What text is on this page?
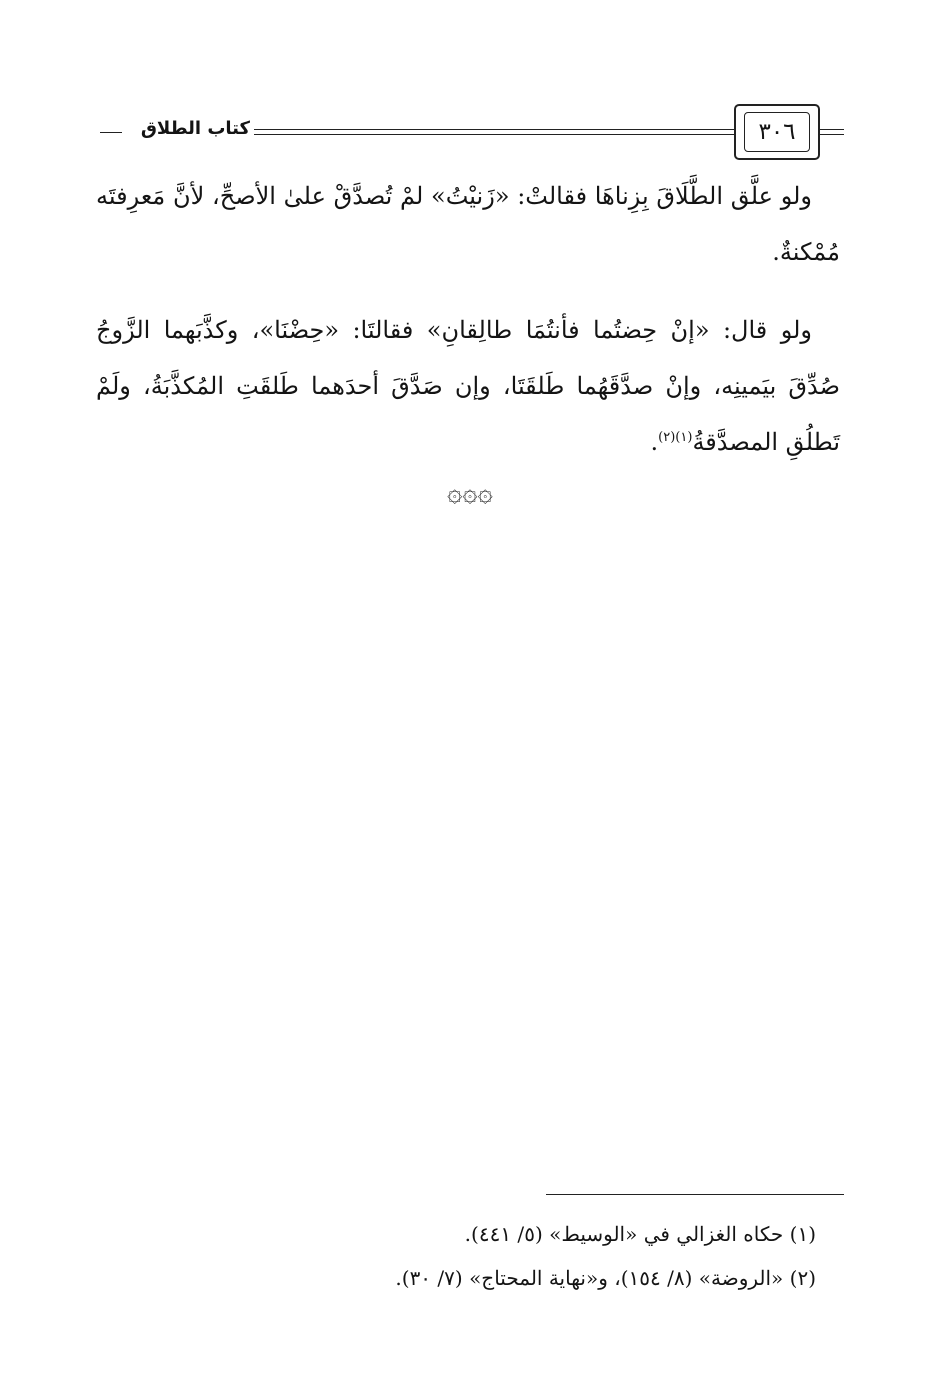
كتاب الطلاق	٣٠٦

ولو علَّق الطَّلَاقَ بِزِناهَا فقالتْ: «زَنيْتُ» لمْ تُصدَّقْ علىٰ الأصحِّ، لأنَّ مَعرِفتَه مُمْكنةٌ.

ولو قال: «إنْ حِضتُما فأنتُمَا طالِقانِ» فقالتَا: «حِضْنَا»، وكذَّبَهما الزَّوجُ صُدِّقَ بيَمينِه، وإنْ صدَّقَهُما طَلقَتَا، وإن صَدَّقَ أحدَهما طَلقَتِ المُكذَّبَةُ، ولَمْ تَطلُقِ المصدَّقةُ$^{(١)(٢)}$.

۞۞۞

(١) حكاه الغزالي في «الوسيط» (٥/ ٤٤١).

(٢) «الروضة» (٨/ ١٥٤)، و«نهاية المحتاج» (٧/ ٣٠).
